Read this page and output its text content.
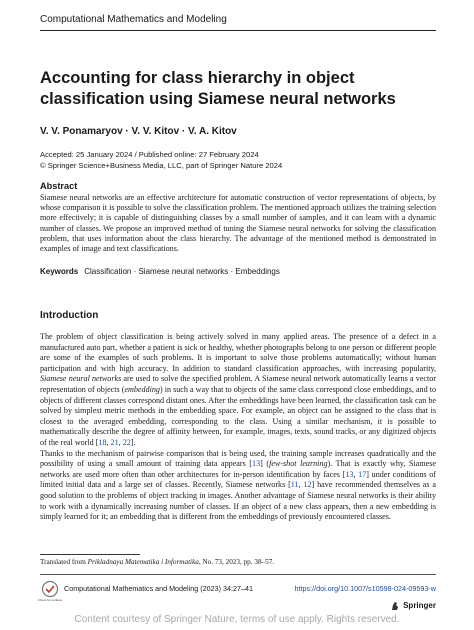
Computational Mathematics and Modeling
Accounting for class hierarchy in object classification using Siamese neural networks
V. V. Ponamaryov · V. V. Kitov · V. A. Kitov
Accepted: 25 January 2024 / Published online: 27 February 2024
© Springer Science+Business Media, LLC, part of Springer Nature 2024
Abstract

Siamese neural networks are an effective architecture for automatic construction of vector representations of objects, by whose comparison it is possible to solve the classification problem. The mentioned approach utilizes the training selection more effectively; it is capable of distinguishing classes by a small number of samples, and it can learn with a dynamic number of classes. We propose an improved method of tuning the Siamese neural networks for solving the classification problem, that uses information about the class hierarchy. The advantage of the mentioned method is demonstrated in examples of image and text classifications.

Keywords Classification · Siamese neural networks · Embeddings
Introduction
The problem of object classification is being actively solved in many applied areas. The presence of a defect in a manufactured auto part, whether a patient is sick or healthy, whether photographs belong to one person or different people are some of the examples of such problems. It is important to solve those problems automatically; without human participation and with high accuracy. In addition to standard classification approaches, with increasing popularity, Siamese neural networks are used to solve the specified problem. A Siamese neural network automatically learns a vector representation of objects (embedding) in such a way that to objects of the same class correspond close embeddings, and to objects of different classes correspond distant ones. After the embeddings have been learned, the classification task can be solved by simplest metric methods in the embedding space. For example, an object can be assigned to the class that is closest to the averaged embedding, corresponding to the class. Using a similar mechanism, it is possible to mathematically describe the degree of affinity between, for example, images, texts, sound tracks, or any digitized objects of the real world [18, 21, 22].
Thanks to the mechanism of pairwise comparison that is being used, the training sample increases quadratically and the possibility of using a small amount of training data appears [13] (few-shot learning). That is exactly why, Siamese networks are used more often than other architectures for in-person identification by faces [13, 17] under conditions of limited initial data and a large set of classes. Recently, Siamese networks [11, 12] have recommended themselves as a good solution to the problems of object tracking in images. Another advantage of Siamese neural networks is their ability to work with a dynamically increasing number of classes. If an object of a new class appears, then a new embedding is simply learned for it; an embedding that is different from the embeddings of previously encountered classes.
Translated from Prikladnaya Matematika i Informatika, No. 73, 2023, pp. 38–57.
Check for updates
Computational Mathematics and Modeling (2023) 34:27–41	https://doi.org/10.1007/s10598-024-09593-w
Springer
Content courtesy of Springer Nature, terms of use apply. Rights reserved.
